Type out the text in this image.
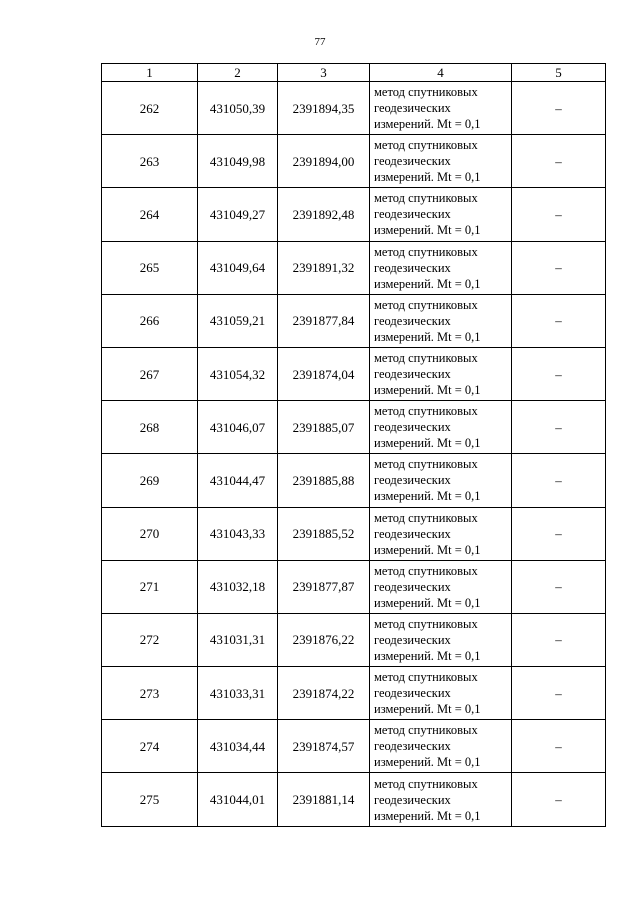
77
1	2	3	4	5
262	431050,39	2391894,35	метод спутниковых
геодезических
измерений. Mt = 0,1	–
263	431049,98	2391894,00	метод спутниковых
геодезических
измерений. Mt = 0,1	–
264	431049,27	2391892,48	метод спутниковых
геодезических
измерений. Mt = 0,1	–
265	431049,64	2391891,32	метод спутниковых
геодезических
измерений. Mt = 0,1	–
266	431059,21	2391877,84	метод спутниковых
геодезических
измерений. Mt = 0,1	–
267	431054,32	2391874,04	метод спутниковых
геодезических
измерений. Mt = 0,1	–
268	431046,07	2391885,07	метод спутниковых
геодезических
измерений. Mt = 0,1	–
269	431044,47	2391885,88	метод спутниковых
геодезических
измерений. Mt = 0,1	–
270	431043,33	2391885,52	метод спутниковых
геодезических
измерений. Mt = 0,1	–
271	431032,18	2391877,87	метод спутниковых
геодезических
измерений. Mt = 0,1	–
272	431031,31	2391876,22	метод спутниковых
геодезических
измерений. Mt = 0,1	–
273	431033,31	2391874,22	метод спутниковых
геодезических
измерений. Mt = 0,1	–
274	431034,44	2391874,57	метод спутниковых
геодезических
измерений. Mt = 0,1	–
275	431044,01	2391881,14	метод спутниковых
геодезических
измерений. Mt = 0,1	–
